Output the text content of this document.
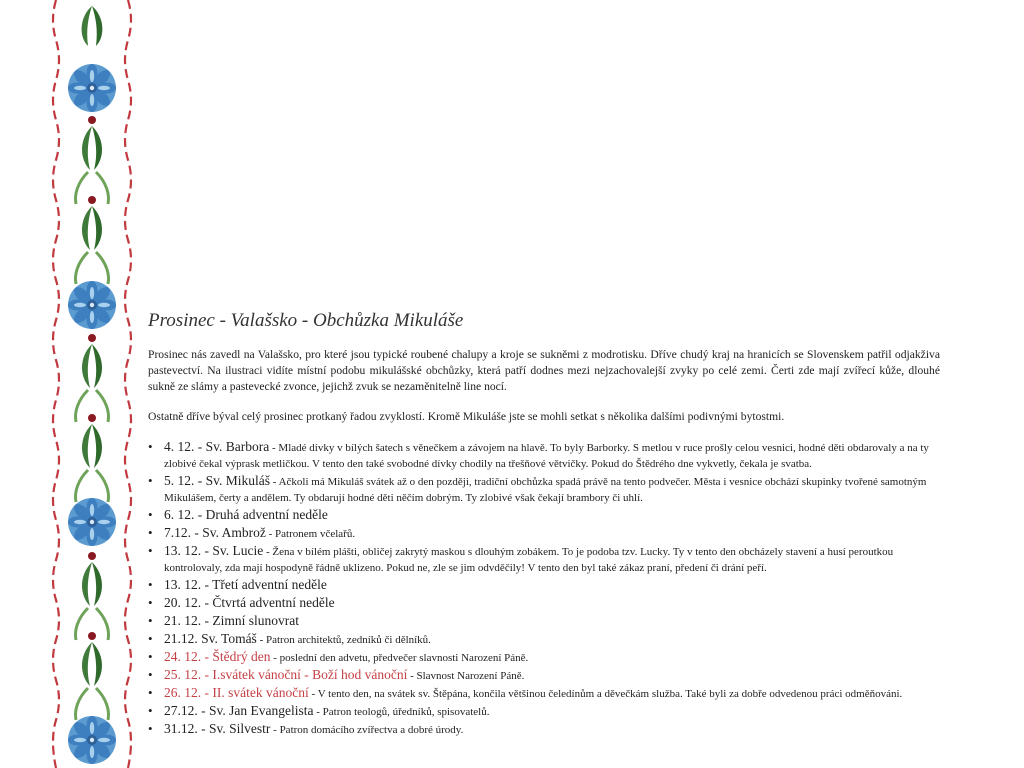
Prosinec - Valašsko - Obchůzka Mikuláše

Prosinec nás zavedl na Valašsko, pro které jsou typické roubené chalupy a kroje se sukněmi z modrotisku. Dříve chudý kraj na hranicích se Slovenskem patřil odjakživa pastevectví. Na ilustraci vidíte místní podobu mikulášské obchůzky, která patří dodnes mezi nejzachovalejší zvyky po celé zemi. Čerti zde mají zvířecí kůže, dlouhé sukně ze slámy a pastevecké zvonce, jejichž zvuk se nezaměnitelně line nocí.

Ostatně dříve býval celý prosinec protkaný řadou zvyklostí. Kromě Mikuláše jste se mohli setkat s několika dalšími podivnými bytostmi.

• 4. 12. - Sv. Barbora - Mladé dívky v bílých šatech s věnečkem a závojem na hlavě. To byly Barborky. S metlou v ruce prošly celou vesnici, hodné děti obdarovaly a na ty zlobivé čekal výprask metličkou. V tento den také svobodné dívky chodily na třešňové větvičky. Pokud do Štědrého dne vykvetly, čekala je svatba.
• 5. 12. - Sv. Mikuláš - Ačkoli má Mikuláš svátek až o den později, tradiční obchůzka spadá právě na tento podvečer. Města i vesnice obchází skupinky tvořené samotným Mikulášem, čerty a andělem. Ty obdarují hodné děti něčím dobrým. Ty zlobivé však čekají brambory či uhlí.
• 6. 12. - Druhá adventní neděle
• 7.12. - Sv. Ambrož - Patronem včelařů.
• 13. 12. - Sv. Lucie - Žena v bílém plášti, obličej zakrytý maskou s dlouhým zobákem. To je podoba tzv. Lucky. Ty v tento den obcházely stavení a husí peroutkou kontrolovaly, zda mají hospodyně řádně uklizeno. Pokud ne, zle se jim odvděčily! V tento den byl také zákaz praní, předení či drání peří.
• 13. 12. - Třetí adventní neděle
• 20. 12. - Čtvrtá adventní neděle
• 21. 12. - Zimní slunovrat
• 21.12. Sv. Tomáš - Patron architektů, zedníků či dělníků.
• 24. 12. - Štědrý den - poslední den advetu, předvečer slavnosti Narození Páně.
• 25. 12. - I.svátek vánoční - Boží hod vánoční - Slavnost Narození Páně.
• 26. 12. - II. svátek vánoční - V tento den, na svátek sv. Štěpána, končila většinou čeledínům a děvečkám služba. Také byli za dobře odvedenou práci odměňováni.
• 27.12. - Sv. Jan Evangelista - Patron teologů, úředníků, spisovatelů.
• 31.12. - Sv. Silvestr - Patron domácího zvířectva a dobré úrody.
